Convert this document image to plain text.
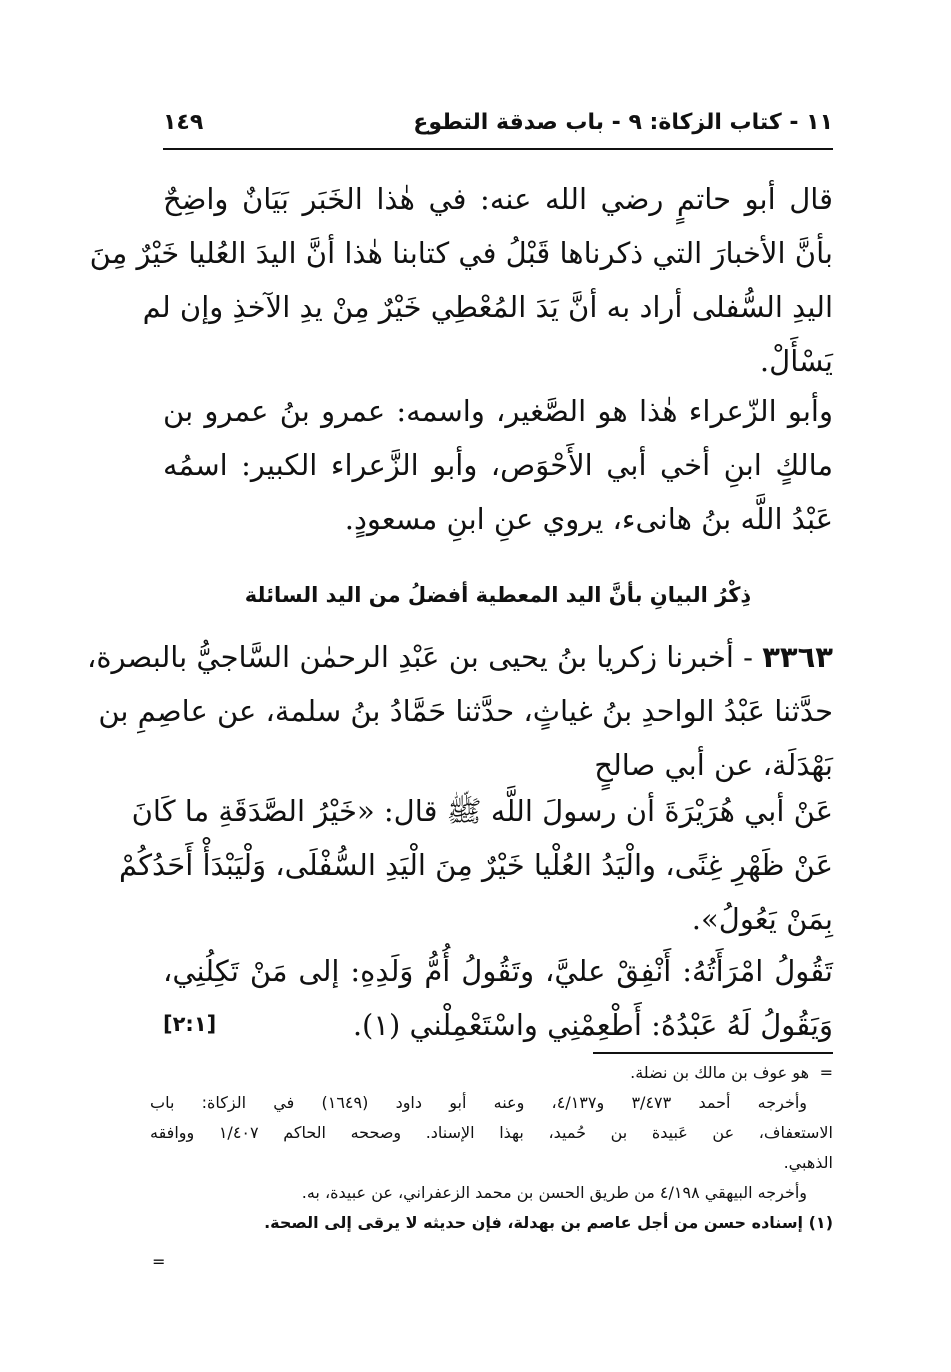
١١ - كتاب الزكاة: ٩ - باب صدقة التطوع
١٤٩
قال أبو حاتمٍ رضي الله عنه: في هٰذا الخَبَر بَيَانٌ واضِحٌ
بأنَّ الأخبارَ التي ذكرناها قَبْلُ في كتابنا هٰذا أنَّ اليدَ العُليا خَيْرٌ مِنَ
اليدِ السُّفلى أراد به أنَّ يَدَ المُعْطِي خَيْرٌ مِنْ يدِ الآخذِ وإن لم
يَسْأَلْ.
وأبو الزّعراء هٰذا هو الصَّغير، واسمه: عمرو بنُ عمرو بن
مالكٍ ابنِ أخي أبي الأَحْوَص، وأبو الزَّعراء الكبير: اسمُه
عَبْدُ اللَّه بنُ هانىء، يروي عنِ ابنِ مسعودٍ.
ذِكْرُ البيانِ بأنَّ اليد المعطية أفضلُ من اليد السائلة
٣٣٦٣ - أخبرنا زكريا بنُ يحيى بن عَبْدِ الرحمٰن السَّاجيُّ بالبصرة،
حدَّثنا عَبْدُ الواحدِ بنُ غياثٍ، حدَّثنا حَمَّادُ بنُ سلمة، عن عاصِمِ بن
بَهْدَلَة، عن أبي صالحٍ
عَنْ أبي هُرَيْرَةَ أن رسولَ اللَّه ﷺ قال: «خَيْرُ الصَّدَقَةِ ما كَانَ
عَنْ ظَهْرِ غِنًى، والْيَدُ العُلْيا خَيْرٌ مِنَ الْيَدِ السُّفْلَى، وَلْيَبْدَأْ أَحَدُكُمْ
بِمَنْ يَعُولُ».
تَقُولُ امْرَأَتُهُ: أَنْفِقْ عليَّ، وتَقُولُ أُمُّ وَلَدِهِ: إلى مَنْ تَكِلُنِي،
وَيَقُولُ لَهُ عَبْدُهُ: أَطْعِمْنِي واسْتَعْمِلْني (١).
[٢:١]
=هو عوف بن مالك بن نضلة.
وأخرجه أحمد ٣/٤٧٣ و٤/١٣٧، وعنه أبو داود (١٦٤٩) في الزكاة: باب
الاستعفاف، عن عَبيدة بن حُميد، بهذا الإسناد. وصححه الحاكم ١/٤٠٧ ووافقه
الذهبي.
وأخرجه البيهقي ٤/١٩٨ من طريق الحسن بن محمد الزعفراني، عن عبيدة، به.
(١) إسناده حسن من أجل عاصم بن بهدلة، فإن حديثه لا يرقى إلى الصحة.
=
